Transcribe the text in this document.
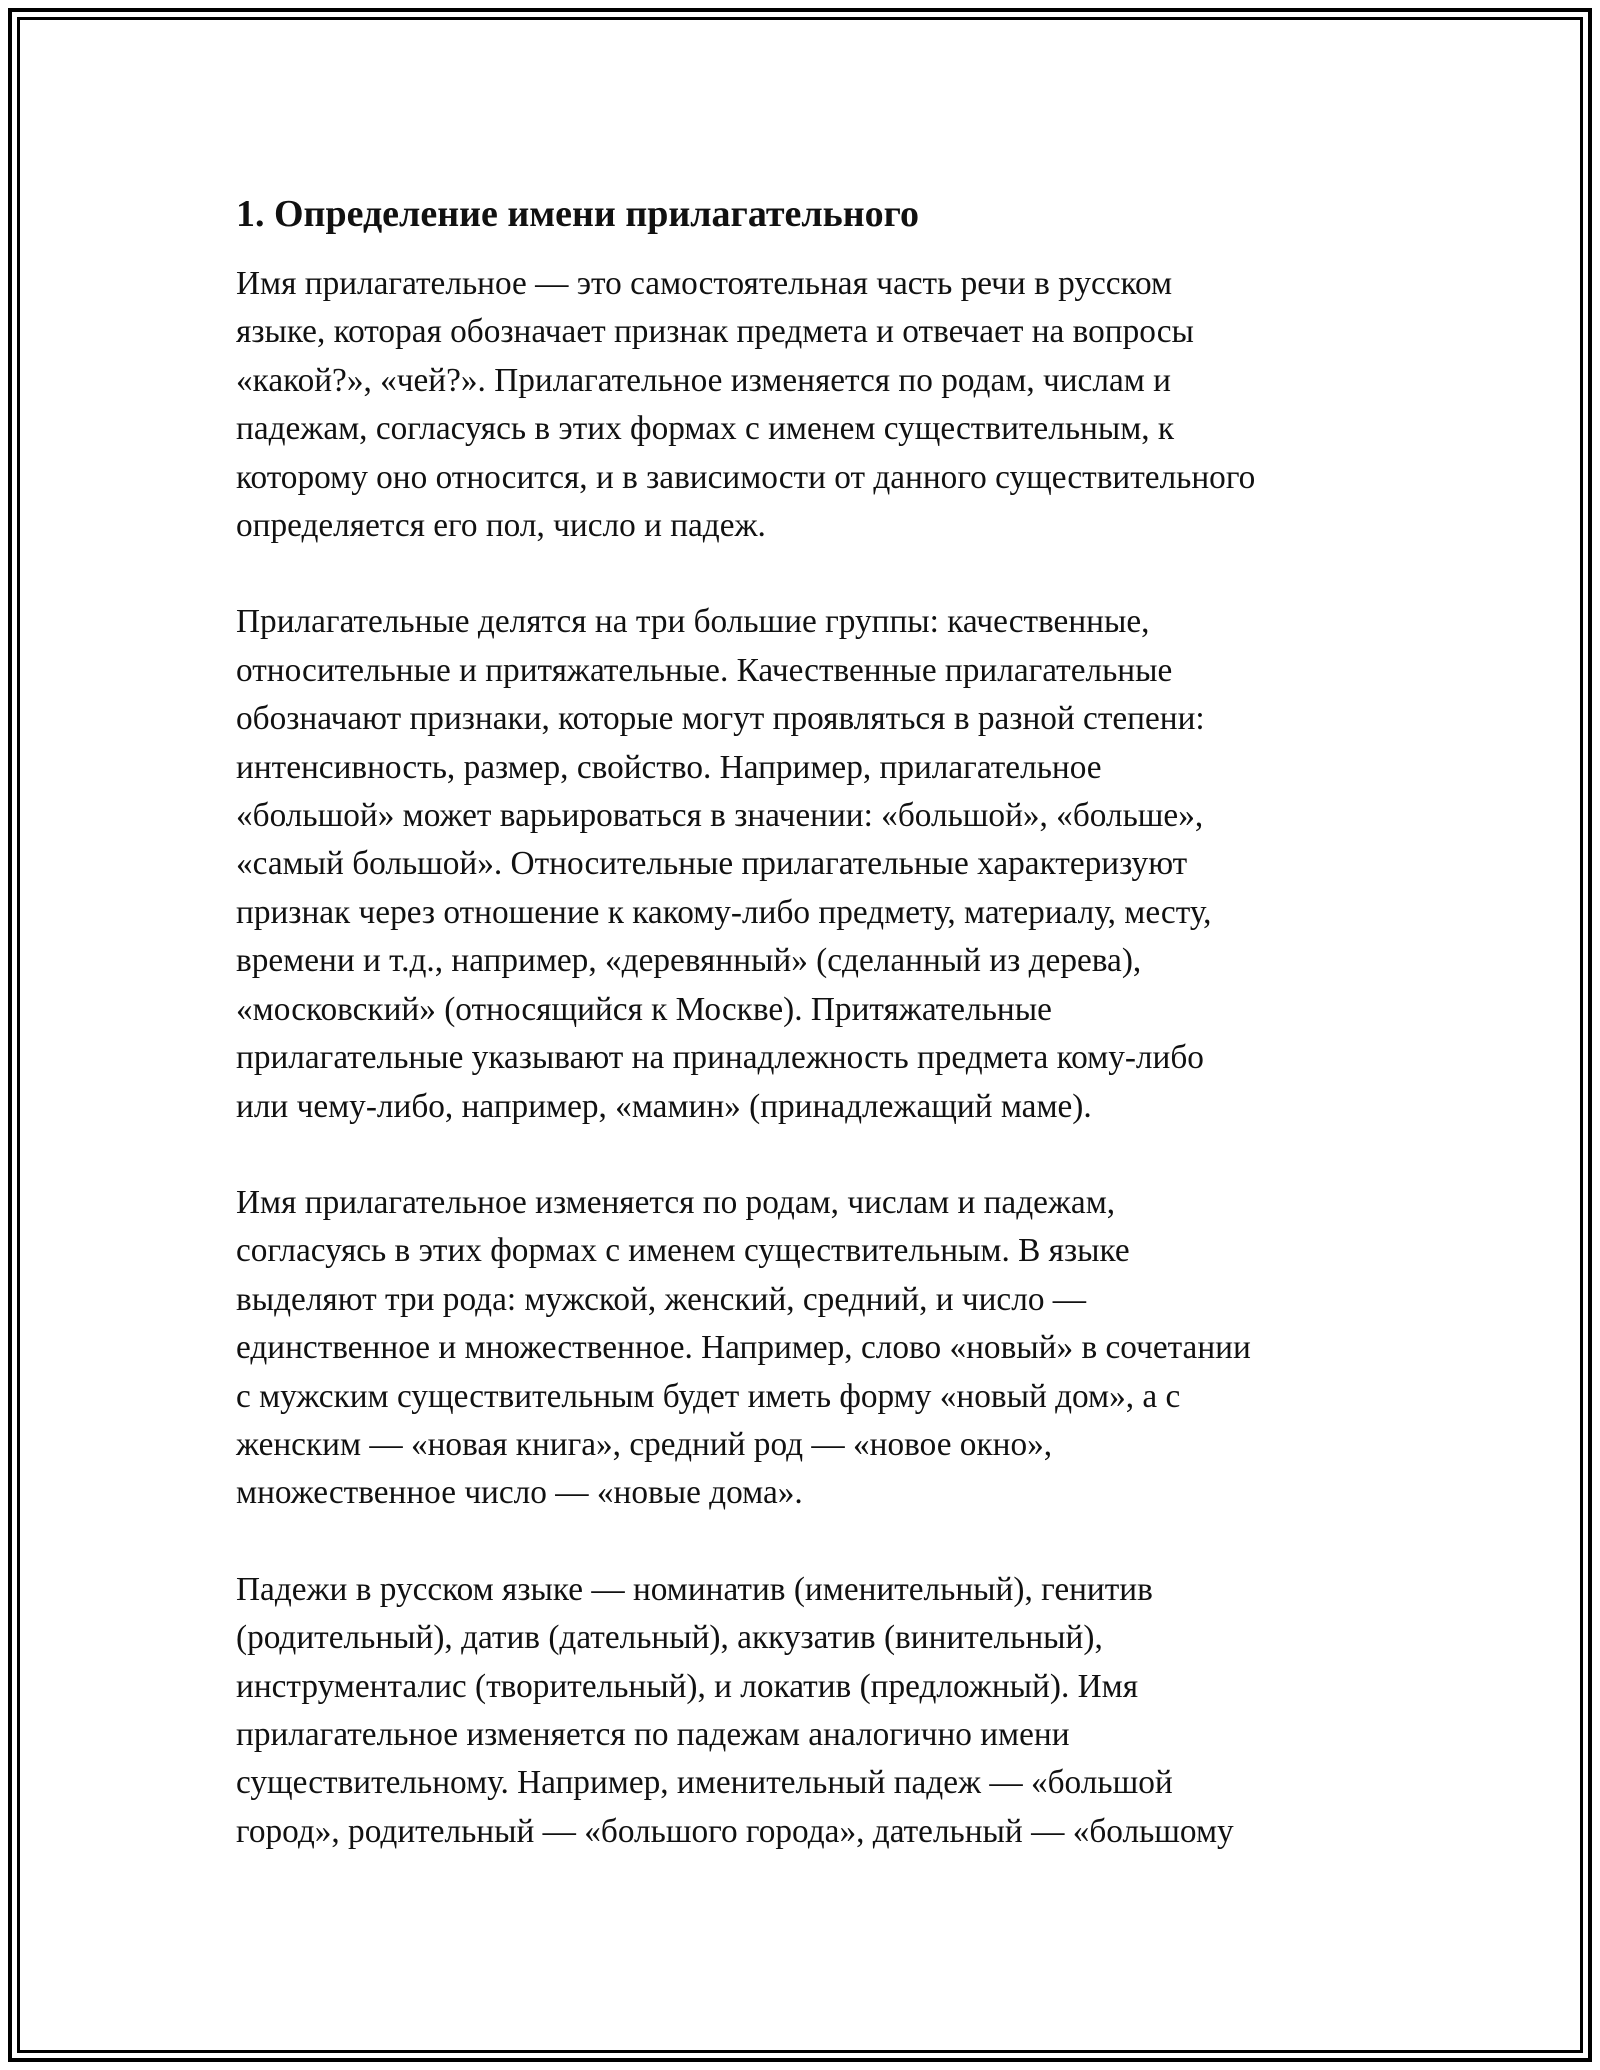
1. Определение имени прилагательного

Имя прилагательное — это самостоятельная часть речи в русском
языке, которая обозначает признак предмета и отвечает на вопросы
«какой?», «чей?». Прилагательное изменяется по родам, числам и
падежам, согласуясь в этих формах с именем существительным, к
которому оно относится, и в зависимости от данного существительного
определяется его пол, число и падеж.

Прилагательные делятся на три большие группы: качественные,
относительные и притяжательные. Качественные прилагательные
обозначают признаки, которые могут проявляться в разной степени:
интенсивность, размер, свойство. Например, прилагательное
«большой» может варьироваться в значении: «большой», «больше»,
«самый большой». Относительные прилагательные характеризуют
признак через отношение к какому-либо предмету, материалу, месту,
времени и т.д., например, «деревянный» (сделанный из дерева),
«московский» (относящийся к Москве). Притяжательные
прилагательные указывают на принадлежность предмета кому-либо
или чему-либо, например, «мамин» (принадлежащий маме).

Имя прилагательное изменяется по родам, числам и падежам,
согласуясь в этих формах с именем существительным. В языке
выделяют три рода: мужской, женский, средний, и число —
единственное и множественное. Например, слово «новый» в сочетании
с мужским существительным будет иметь форму «новый дом», а с
женским — «новая книга», средний род — «новое окно»,
множественное число — «новые дома».

Падежи в русском языке — номинатив (именительный), генитив
(родительный), датив (дательный), аккузатив (винительный),
инструменталис (творительный), и локатив (предложный). Имя
прилагательное изменяется по падежам аналогично имени
существительному. Например, именительный падеж — «большой
город», родительный — «большого города», дательный — «большому
